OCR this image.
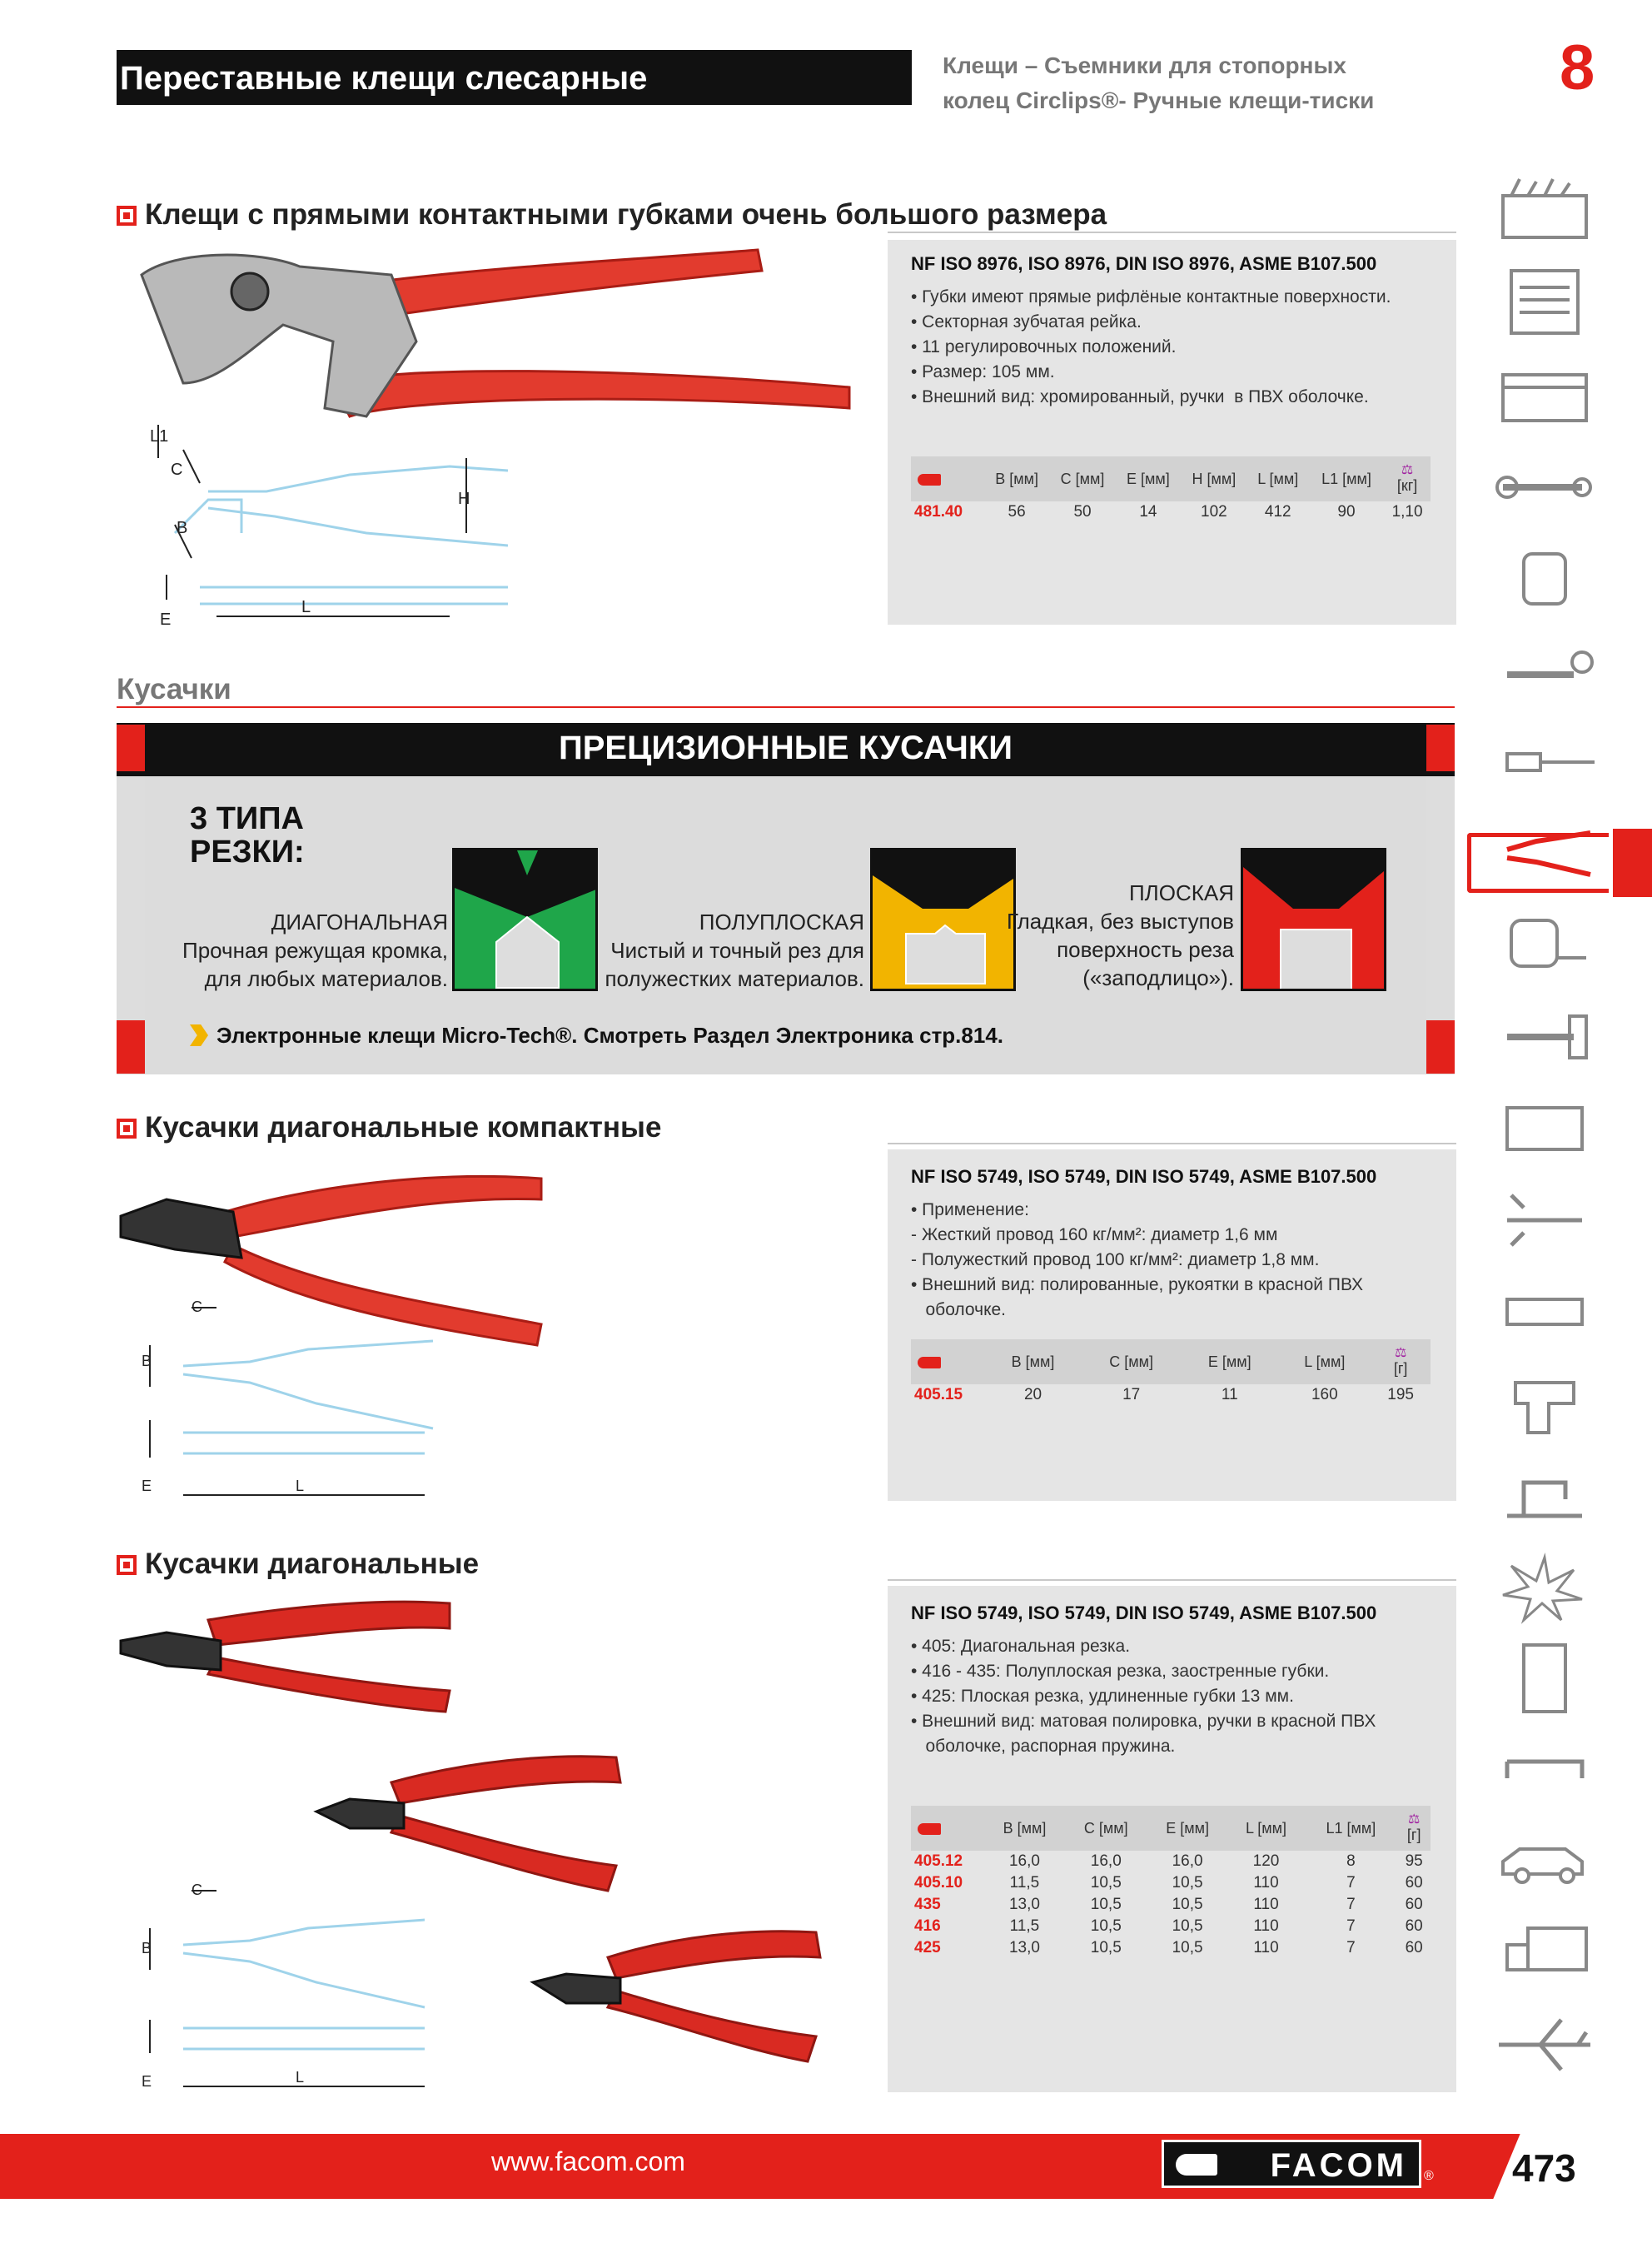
Переставные клещи слесарные	Клещи – Съемники для стопорных
колец Circlips®- Ручные клещи-тиски	8
Клещи с прямыми контактными губками очень большого размера
L1
C
B
H
E
L
NF ISO 8976, ISO 8976, DIN ISO 8976, ASME B107.500
• Губки имеют прямые рифлёные контактные поверхности.
• Секторная зубчатая рейка.
• 11 регулировочных положений.
• Размер: 105 мм.
• Внешний вид: хромированный, ручки  в ПВХ оболочке.
	B [мм]	C [мм]	E [мм]	H [мм]	L [мм]	L1 [мм]	⚖
[кг]
481.40	56	50	14	102	412	90	1,10
Кусачки
ПРЕЦИЗИОННЫЕ КУСАЧКИ
3 ТИПА
РЕЗКИ:
ДИАГОНАЛЬНАЯ
Прочная режущая кромка,
для любых материалов.
ПОЛУПЛОСКАЯ
Чистый и точный рез для
полужестких материалов.
ПЛОСКАЯ
Гладкая, без выступов
поверхность реза
(«заподлицо»).
Электронные клещи Micro-Tech®. Смотреть Раздел Электроника стр.814.
Кусачки диагональные компактные
C
B
E	L
NF ISO 5749, ISO 5749, DIN ISO 5749, ASME B107.500
• Применение:
- Жесткий провод 160 кг/мм²: диаметр 1,6 мм
- Полужесткий провод 100 кг/мм²: диаметр 1,8 мм.
• Внешний вид: полированные, рукоятки в красной ПВХ
оболочке.
	B [мм]	C [мм]	E [мм]	L [мм]	⚖
[г]
405.15	20	17	11	160	195
Кусачки диагональные
C
B
E	L
NF ISO 5749, ISO 5749, DIN ISO 5749, ASME B107.500
• 405: Диагональная резка.
• 416 - 435: Полуплоская резка, заостренные губки.
• 425: Плоская резка, удлиненные губки 13 мм.
• Внешний вид: матовая полировка, ручки в красной ПВХ
оболочке, распорная пружина.
	B [мм]	C [мм]	E [мм]	L [мм]	L1 [мм]	⚖
[г]
405.12	16,0	16,0	16,0	120	8	95
405.10	11,5	10,5	10,5	110	7	60
435	13,0	10,5	10,5	110	7	60
416	11,5	10,5	10,5	110	7	60
425	13,0	10,5	10,5	110	7	60
www.facom.com	FACOM	® 473
